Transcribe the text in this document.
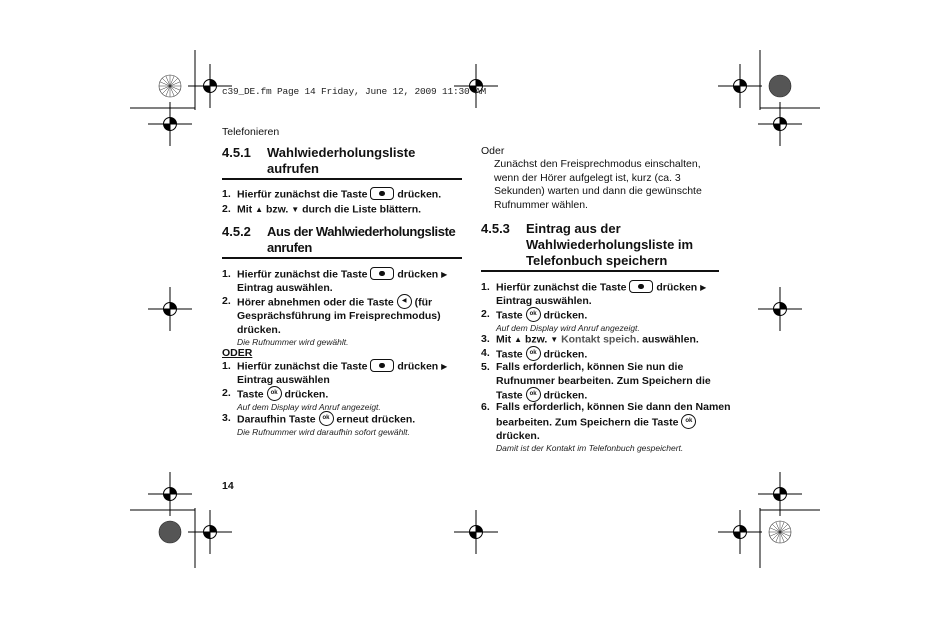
c39_DE.fm Page 14 Friday, June 12, 2009 11:30 AM
Telefonieren
4.5.1 Wahlwiederholungsliste
aufrufen
1. Hierfür zunächst die Taste	drücken.
2. Mit ▲ bzw. ▼ durch die Liste blättern.
4.5.2 Aus der Wahlwiederholungsliste
anrufen
1. Hierfür zunächst die Taste	drücken ▶
Eintrag auswählen.
2. Hörer abnehmen oder die Taste ◀ (für
Gesprächsführung im Freisprechmodus)
drücken.
Die Rufnummer wird gewählt.
ODER
1. Hierfür zunächst die Taste	drücken ▶
Eintrag auswählen
2. Taste ok drücken.
Auf dem Display wird Anruf angezeigt.
3. Daraufhin Taste ok erneut drücken.
Die Rufnummer wird daraufhin sofort gewählt.
14
Oder
Zunächst den Freisprechmodus einschalten,
wenn der Hörer aufgelegt ist, kurz (ca. 3
Sekunden) warten und dann die gewünschte
Rufnummer wählen.
4.5.3 Eintrag aus der
Wahlwiederholungsliste im
Telefonbuch speichern
1. Hierfür zunächst die Taste	drücken ▶
Eintrag auswählen.
2. Taste ok drücken.
Auf dem Display wird Anruf angezeigt.
3. Mit ▲ bzw. ▼ Kontakt speich. auswählen.
4. Taste ok drücken.
5. Falls erforderlich, können Sie nun die
Rufnummer bearbeiten. Zum Speichern die
Taste ok drücken.
6. Falls erforderlich, können Sie dann den Namen
bearbeiten. Zum Speichern die Taste ok
drücken.
Damit ist der Kontakt im Telefonbuch gespeichert.
